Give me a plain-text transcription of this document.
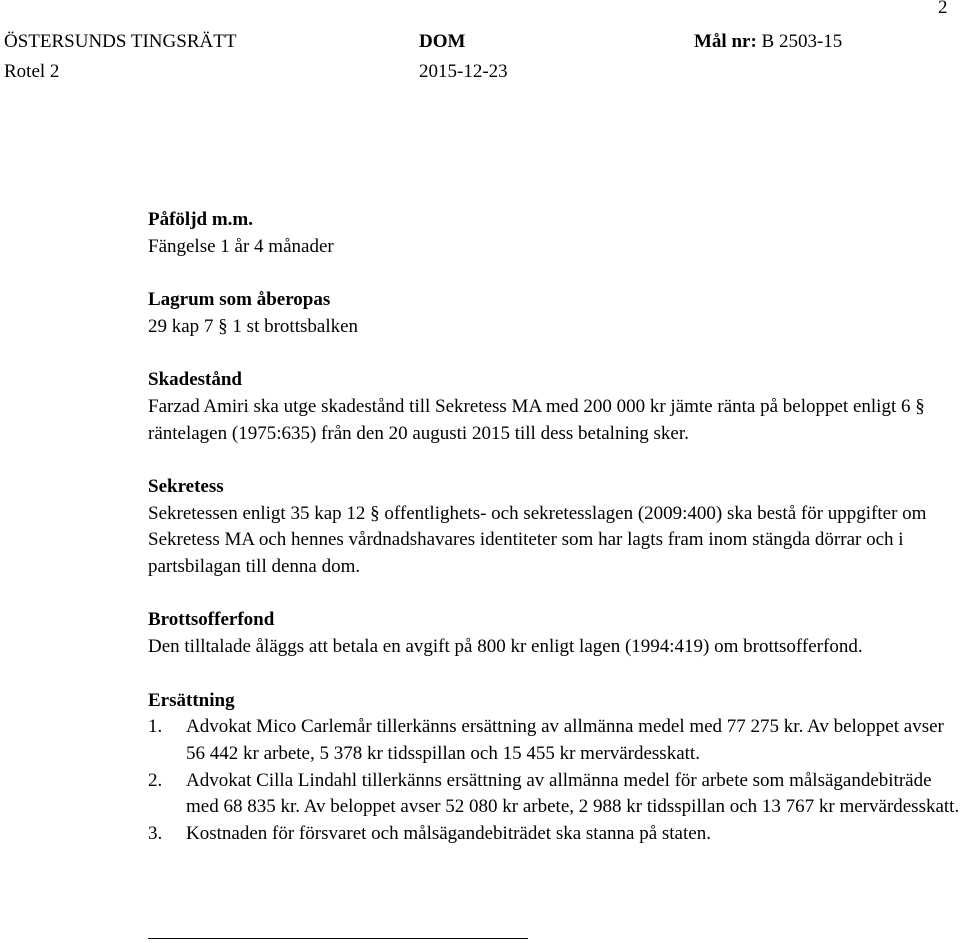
2
ÖSTERSUNDS TINGSRÄTT
Rotel 2
DOM
2015-12-23
Mål nr: B 2503-15
Påföljd m.m.
Fängelse 1 år 4 månader
Lagrum som åberopas
29 kap 7 § 1 st brottsbalken
Skadestånd
Farzad Amiri ska utge skadestånd till Sekretess MA med 200 000 kr jämte ränta på beloppet enligt 6 § räntelagen (1975:635) från den 20 augusti 2015 till dess betalning sker.
Sekretess
Sekretessen enligt 35 kap 12 § offentlighets- och sekretesslagen (2009:400) ska bestå för uppgifter om Sekretess MA och hennes vårdnadshavares identiteter som har lagts fram inom stängda dörrar och i partsbilagan till denna dom.
Brottsofferfond
Den tilltalade åläggs att betala en avgift på 800 kr enligt lagen (1994:419) om brottsofferfond.
Ersättning
1. Advokat Mico Carlemår tillerkänns ersättning av allmänna medel med 77 275 kr. Av beloppet avser 56 442 kr arbete, 5 378 kr tidsspillan och 15 455 kr mervärdesskatt.
2. Advokat Cilla Lindahl tillerkänns ersättning av allmänna medel för arbete som målsägandebiträde med 68 835 kr. Av beloppet avser 52 080 kr arbete, 2 988 kr tidsspillan och 13 767 kr mervärdesskatt.
3. Kostnaden för försvaret och målsägandebiträdet ska stanna på staten.
